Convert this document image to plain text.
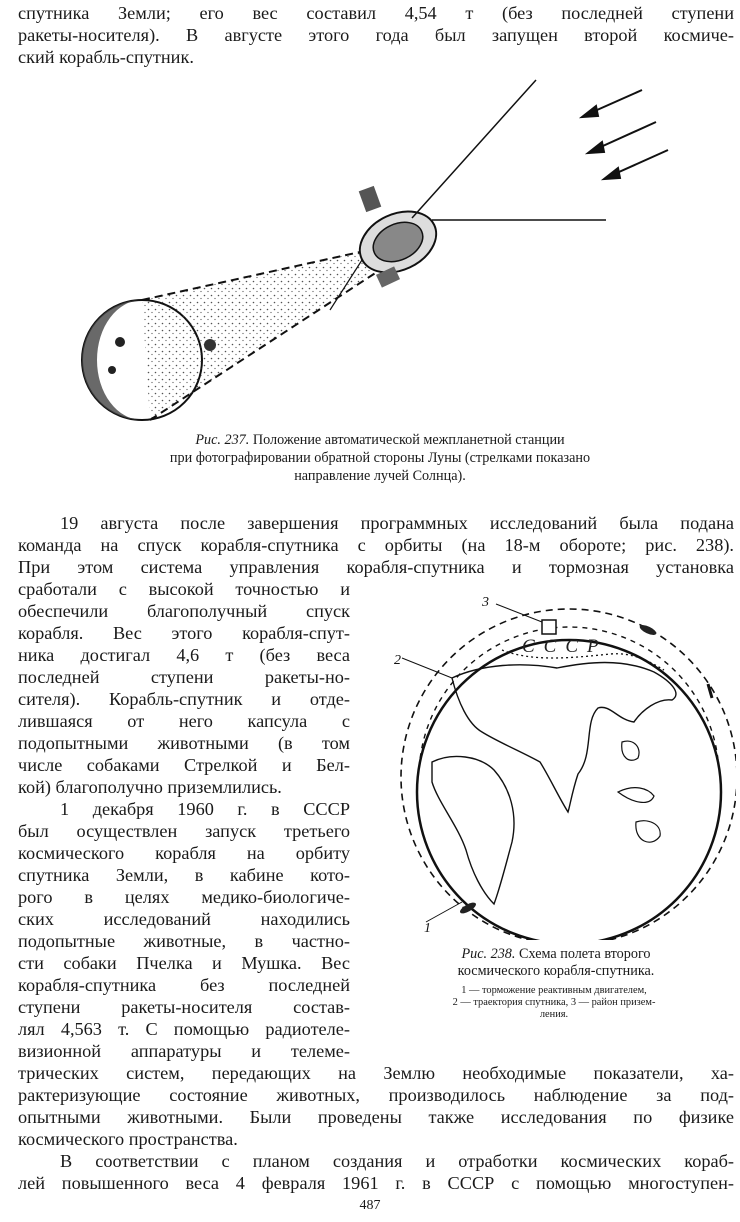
спутника Земли; его вес составил 4,54 т (без последней ступени

ракеты-носителя). В августе этого года был запущен второй космиче-

ский корабль-спутник.

Рис. 237. Положение автоматической межпланетной станции

при фотографировании обратной стороны Луны (стрелками показано

направление лучей Солнца).

19 августа после завершения программных исследований была подана

команда на спуск корабля-спутника с орбиты (на 18-м обороте; рис. 238).

При этом система управления корабля-спутника и тормозная установка

сработали с высокой точностью и

обеспечили благополучный спуск

корабля. Вес этого корабля-спут-

ника достигал 4,6 т (без веса

последней ступени ракеты-но-

сителя). Корабль-спутник и отде-

лившаяся от него капсула с

подопытными животными (в том

числе собаками Стрелкой и Бел-

кой) благополучно приземлились.

1 декабря 1960 г. в СССР

был осуществлен запуск третьего

космического корабля на орбиту

спутника Земли, в кабине кото-

рого в целях медико-биологиче-

ских исследований находились

подопытные животные, в частно-

сти собаки Пчелка и Мушка. Вес

корабля-спутника без последней

ступени ракеты-носителя состав-

лял 4,563 т. С помощью радиотеле-

визионной аппаратуры и телеме-

трических систем, передающих на Землю необходимые показатели, ха-

рактеризующие состояние животных, производилось наблюдение за под-

опытными животными. Были проведены также исследования по физике

космического пространства.

В соответствии с планом создания и отработки космических кораб-

лей повышенного веса 4 февраля 1961 г. в СССР с помощью многоступен-

СССР
3
2
1

Рис. 238. Схема полета второго

космического корабля-спутника.

1 — торможение реактивным двигателем,

2 — траектория спутника, 3 — район призем-

ления.

487
